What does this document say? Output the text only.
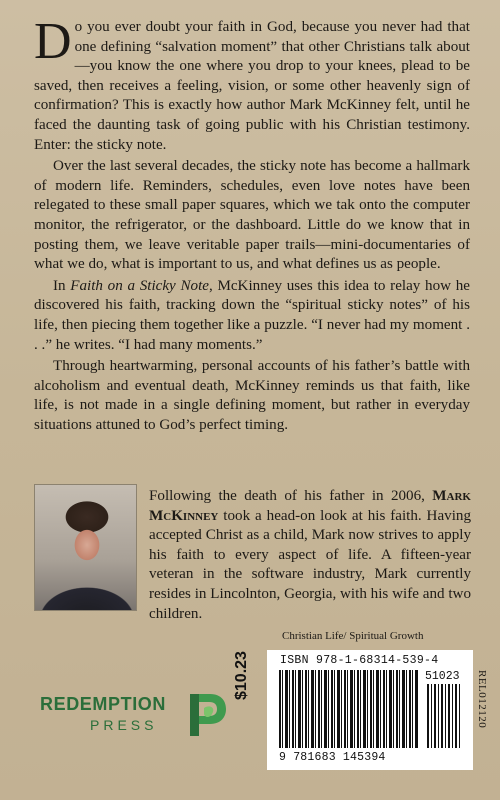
Do you ever doubt your faith in God, because you never had that one defining “salvation moment” that other Christians talk about—you know the one where you drop to your knees, plead to be saved, then receives a feeling, vision, or some other heavenly sign of confirmation? This is exactly how author Mark McKinney felt, until he faced the daunting task of going public with his Christian testimony. Enter: the sticky note.

Over the last several decades, the sticky note has become a hallmark of modern life. Reminders, schedules, even love notes have been relegated to these small paper squares, which we tak onto the computer monitor, the refrigerator, or the dashboard. Little do we know that in posting them, we leave veritable paper trails—mini-documentaries of what we do, what is important to us, and what defines us as people.

In Faith on a Sticky Note, McKinney uses this idea to relay how he discovered his faith, tracking down the “spiritual sticky notes” of his life, then piecing them together like a puzzle. “I never had my moment . . .” he writes. “I had many moments.”

Through heartwarming, personal accounts of his father’s battle with alcoholism and eventual death, McKinney reminds us that faith, like life, is not made in a single defining moment, but rather in everyday situations attuned to God’s perfect timing.

Following the death of his father in 2006, Mark McKinney took a head-on look at his faith. Having accepted Christ as a child, Mark now strives to apply his faith to every aspect of life. A fifteen-year veteran in the software industry, Mark currently resides in Lincolnton, Georgia, with his wife and two children.
Christian Life/ Spiritual Growth
REDEMPTION
PRESS
$10.23	ISBN 978-1-68314-539-4
51023
9 781683 145394
REL012120
